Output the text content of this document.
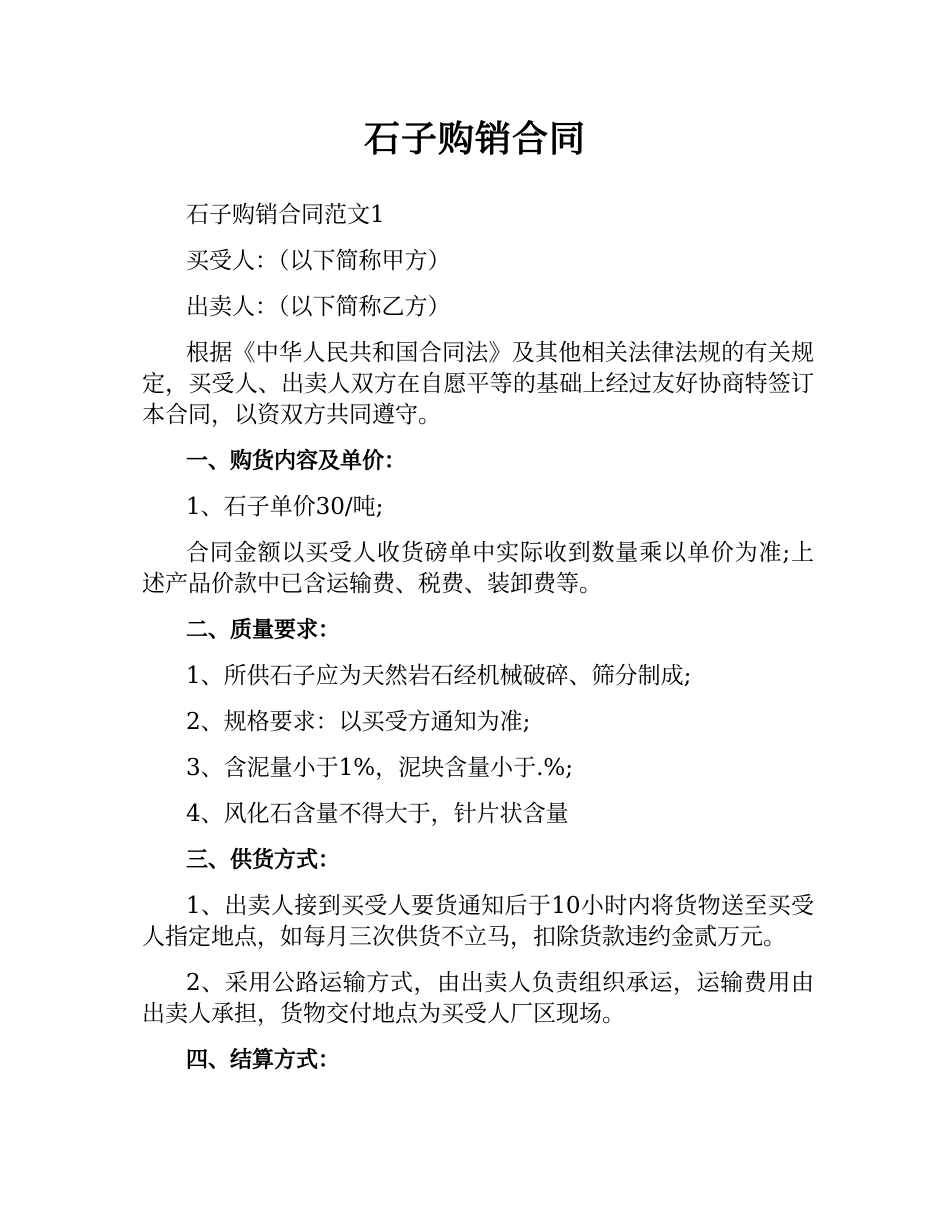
石子购销合同

石子购销合同范文1

买受人：（以下简称甲方）

出卖人：（以下简称乙方）

根据《中华人民共和国合同法》及其他相关法律法规的有关规定，买受人、出卖人双方在自愿平等的基础上经过友好协商特签订本合同，以资双方共同遵守。

一、购货内容及单价：

1、石子单价30/吨;

合同金额以买受人收货磅单中实际收到数量乘以单价为准;上述产品价款中已含运输费、税费、装卸费等。

二、质量要求：

1、所供石子应为天然岩石经机械破碎、筛分制成;

2、规格要求：以买受方通知为准;

3、含泥量小于1%，泥块含量小于.%;

4、风化石含量不得大于，针片状含量

三、供货方式：

1、出卖人接到买受人要货通知后于10小时内将货物送至买受人指定地点，如每月三次供货不立马，扣除货款违约金贰万元。

2、采用公路运输方式，由出卖人负责组织承运，运输费用由出卖人承担，货物交付地点为买受人厂区现场。

四、结算方式：
